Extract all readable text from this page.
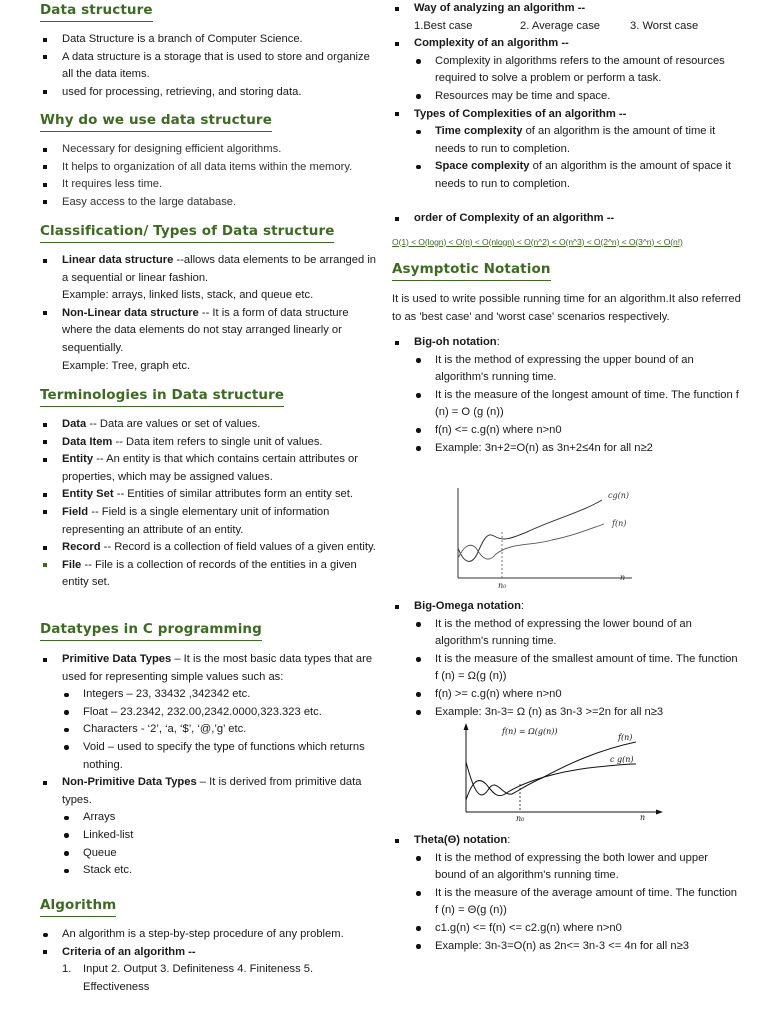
Data structure
Data Structure is a branch of Computer Science.
A data structure is a storage that is used to store and organize all the data items.
used for processing, retrieving, and storing data.
Why do we use data structure
Necessary for designing efficient algorithms.
It helps to organization of all data items within the memory.
It requires less time.
Easy access to the large database.
Classification/ Types of Data structure
Linear data structure --allows data elements to be arranged in a sequential or linear fashion.
Example: arrays, linked lists, stack, and queue etc.
Non-Linear data structure -- It is a form of data structure where the data elements do not stay arranged linearly or sequentially.
Example: Tree, graph etc.
Terminologies in Data structure
Data -- Data are values or set of values.
Data Item -- Data item refers to single unit of values.
Entity -- An entity is that which contains certain attributes or properties, which may be assigned values.
Entity Set -- Entities of similar attributes form an entity set.
Field -- Field is a single elementary unit of information representing an attribute of an entity.
Record -- Record is a collection of field values of a given entity.
File -- File is a collection of records of the entities in a given entity set.
Datatypes in C programming
Primitive Data Types – It is the most basic data types that are used for representing simple values such as:
Integers – 23, 33432 ,342342 etc.
Float – 23.2342, 232.00,2342.0000,323.323 etc.
Characters - ‘2’, ‘a, ‘$’, ‘@,’g’ etc.
Void – used to specify the type of functions which returns nothing.
Non-Primitive Data Types – It is derived from primitive data types.
Arrays
Linked-list
Queue
Stack etc.
Algorithm
An algorithm is a step-by-step procedure of any problem.
Criteria of an algorithm --
1. Input 2. Output 3. Definiteness 4. Finiteness 5. Effectiveness
Way of analyzing an algorithm --
1.Best case	2. Average case	3. Worst case
Complexity of an algorithm --
Complexity in algorithms refers to the amount of resources required to solve a problem or perform a task.
Resources may be time and space.
Types of Complexities of an algorithm --
Time complexity of an algorithm is the amount of time it needs to run to completion.
Space complexity of an algorithm is the amount of space it needs to run to completion.
order of Complexity of an algorithm --
O(1) < O(logn) < O(n) < O(nlogn) < O(n^2) < O(n^3) < O(2^n) < O(3^n) < O(n!)
Asymptotic Notation
It is used to write possible running time for an algorithm.It also referred to as 'best case' and 'worst case' scenarios respectively.
Big-oh notation:
It is the method of expressing the upper bound of an algorithm's running time.
It is the measure of the longest amount of time. The function f (n) = O (g (n))
f(n) <= c.g(n) where n>n0
Example: 3n+2=O(n) as 3n+2≤4n for all n≥2
cg(n)
f(n)
n₀
n
Big-Omega notation:
It is the method of expressing the lower bound of an algorithm's running time.
It is the measure of the smallest amount of time. The function f (n) = Ω(g (n))
f(n) >= c.g(n) where n>n0
Example: 3n-3= Ω (n) as 3n-3 >=2n for all n≥3
f(n) = Ω(g(n))
f(n)
c g(n)
n₀	n
Theta(Θ) notation:
It is the method of expressing the both lower and upper bound of an algorithm's running time.
It is the measure of the average amount of time. The function f (n) = Θ(g (n))
c1.g(n) <= f(n) <= c2.g(n) where n>n0
Example: 3n-3=O(n) as 2n<= 3n-3 <= 4n for all n≥3
